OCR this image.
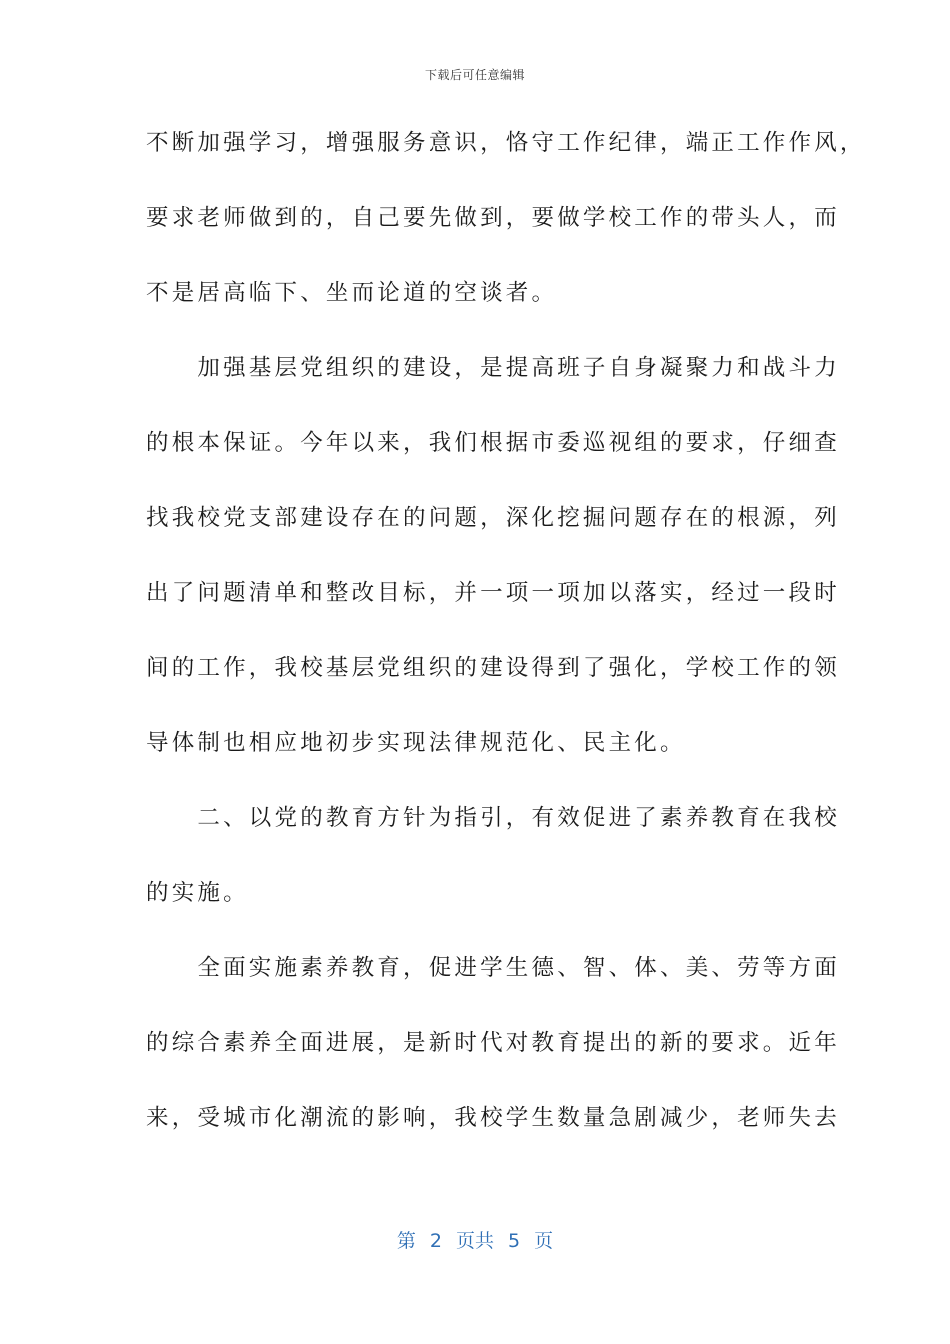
下载后可任意编辑
不断加强学习，增强服务意识，恪守工作纪律，端正工作作风，
要求老师做到的，自己要先做到，要做学校工作的带头人，而
不是居高临下、坐而论道的空谈者。
　　加强基层党组织的建设，是提高班子自身凝聚力和战斗力
的根本保证。今年以来，我们根据市委巡视组的要求，仔细查
找我校党支部建设存在的问题，深化挖掘问题存在的根源，列
出了问题清单和整改目标，并一项一项加以落实，经过一段时
间的工作，我校基层党组织的建设得到了强化，学校工作的领
导体制也相应地初步实现法律规范化、民主化。
　　二、以党的教育方针为指引，有效促进了素养教育在我校
的实施。
　　全面实施素养教育，促进学生德、智、体、美、劳等方面
的综合素养全面进展，是新时代对教育提出的新的要求。近年
来，受城市化潮流的影响，我校学生数量急剧减少，老师失去
第 2 页共 5 页
